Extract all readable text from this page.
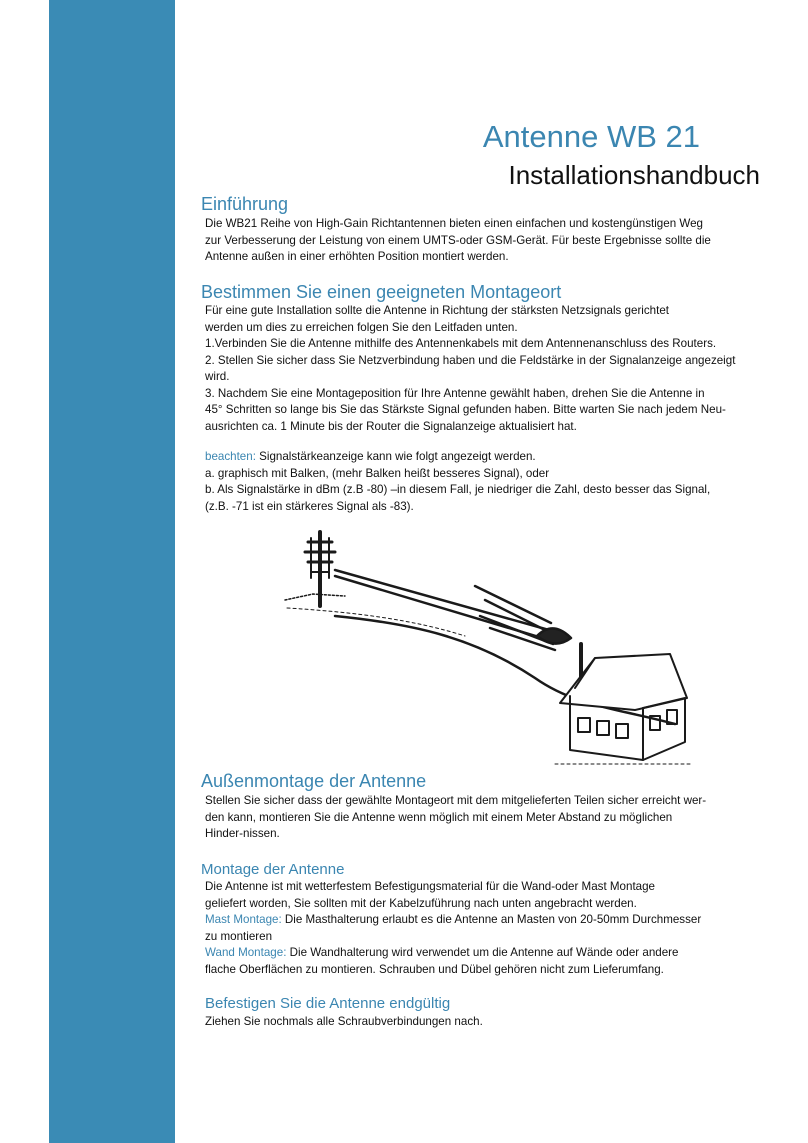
Antenne WB 21
Installationshandbuch
Einführung
Die WB21 Reihe von High-Gain Richtantennen bieten einen einfachen und kostengünstigen Weg
zur Verbesserung der Leistung von einem UMTS-oder GSM-Gerät. Für beste Ergebnisse sollte die
Antenne außen in einer erhöhten Position montiert werden.
Bestimmen Sie einen geeigneten Montageort
Für eine gute Installation sollte die Antenne in Richtung der stärksten Netzsignals gerichtet
werden um dies zu erreichen folgen Sie den Leitfaden unten.
1.Verbinden Sie die Antenne mithilfe des Antennenkabels mit dem Antennenanschluss des Routers.
2. Stellen Sie sicher dass Sie Netzverbindung haben und die Feldstärke in der Signalanzeige angezeigt
wird.
3. Nachdem Sie eine Montageposition für Ihre Antenne gewählt haben, drehen Sie die Antenne in
45° Schritten so lange bis Sie das Stärkste Signal gefunden haben. Bitte warten Sie nach jedem Neu-
ausrichten ca. 1 Minute bis der Router die Signalanzeige aktualisiert hat.
beachten: Signalstärkeanzeige kann wie folgt angezeigt werden.
a. graphisch mit Balken, (mehr Balken heißt besseres Signal), oder
b. Als Signalstärke in dBm (z.B -80) –in diesem Fall, je niedriger die Zahl, desto besser das Signal,
(z.B. -71 ist ein stärkeres Signal als -83).
Außenmontage der Antenne
Stellen Sie sicher dass der gewählte Montageort mit dem mitgelieferten Teilen sicher erreicht wer-
den kann, montieren Sie die Antenne wenn möglich mit einem Meter Abstand zu möglichen
Hinder-nissen.
Montage der Antenne
Die Antenne ist mit wetterfestem Befestigungsmaterial für die Wand-oder Mast Montage
geliefert worden, Sie sollten mit der Kabelzuführung nach unten angebracht werden.
Mast Montage: Die Masthalterung erlaubt es die Antenne an Masten von 20-50mm Durchmesser
zu montieren
Wand Montage: Die Wandhalterung wird verwendet um die Antenne auf Wände oder andere
flache Oberflächen zu montieren. Schrauben und Dübel gehören nicht zum Lieferumfang.
Befestigen Sie die Antenne endgültig
Ziehen Sie nochmals alle Schraubverbindungen nach.
